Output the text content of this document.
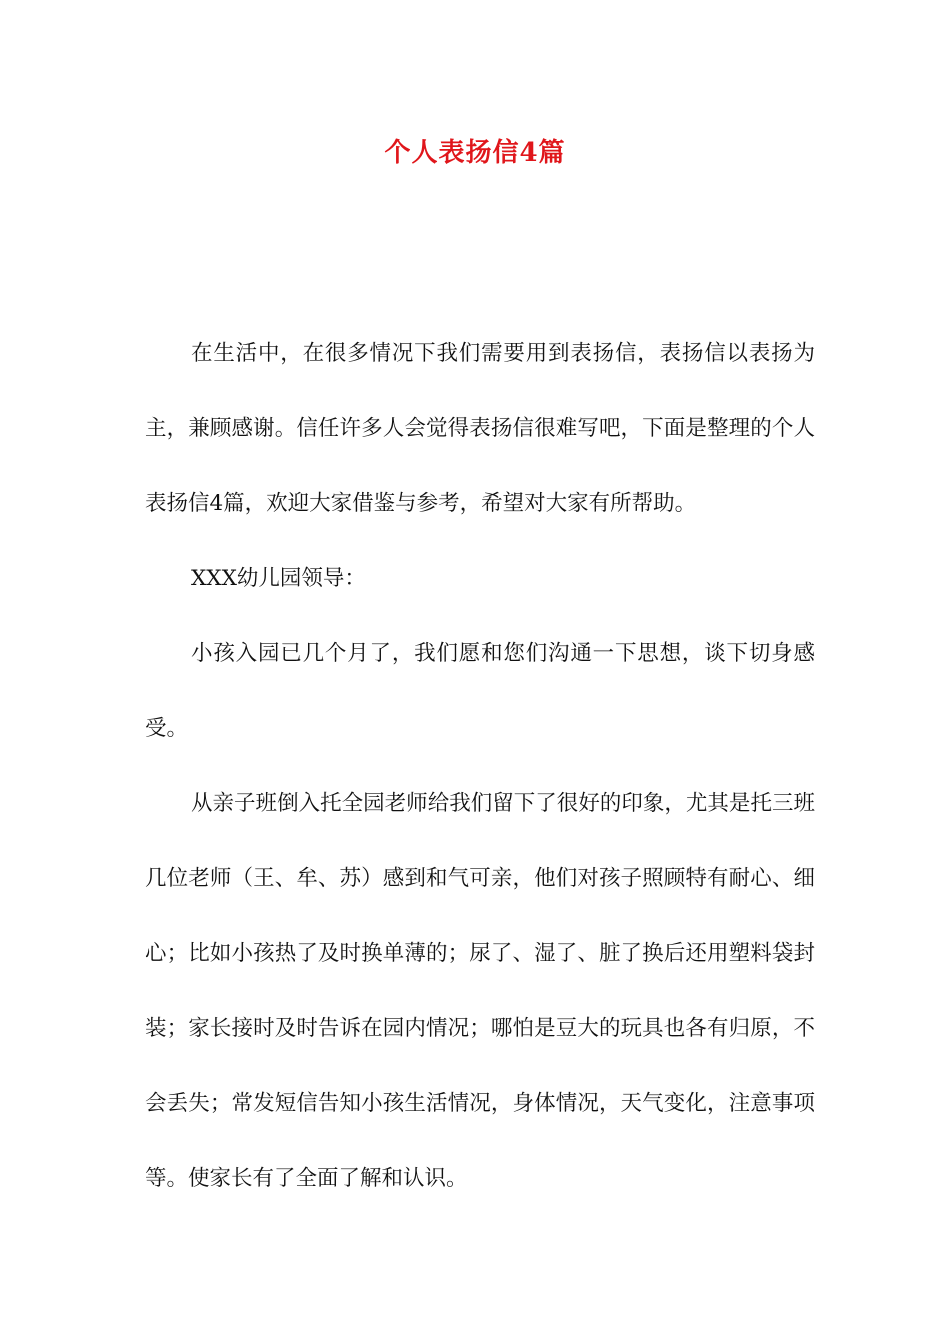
个人表扬信4篇

在生活中，在很多情况下我们需要用到表扬信，表扬信以表扬为主，兼顾感谢。信任许多人会觉得表扬信很难写吧，下面是整理的个人表扬信4篇，欢迎大家借鉴与参考，希望对大家有所帮助。

XXX幼儿园领导：

小孩入园已几个月了，我们愿和您们沟通一下思想，谈下切身感受。

从亲子班倒入托全园老师给我们留下了很好的印象，尤其是托三班几位老师（王、牟、苏）感到和气可亲，他们对孩子照顾特有耐心、细心；比如小孩热了及时换单薄的；尿了、湿了、脏了换后还用塑料袋封装；家长接时及时告诉在园内情况；哪怕是豆大的玩具也各有归原，不会丢失；常发短信告知小孩生活情况，身体情况，天气变化，注意事项等。使家长有了全面了解和认识。
